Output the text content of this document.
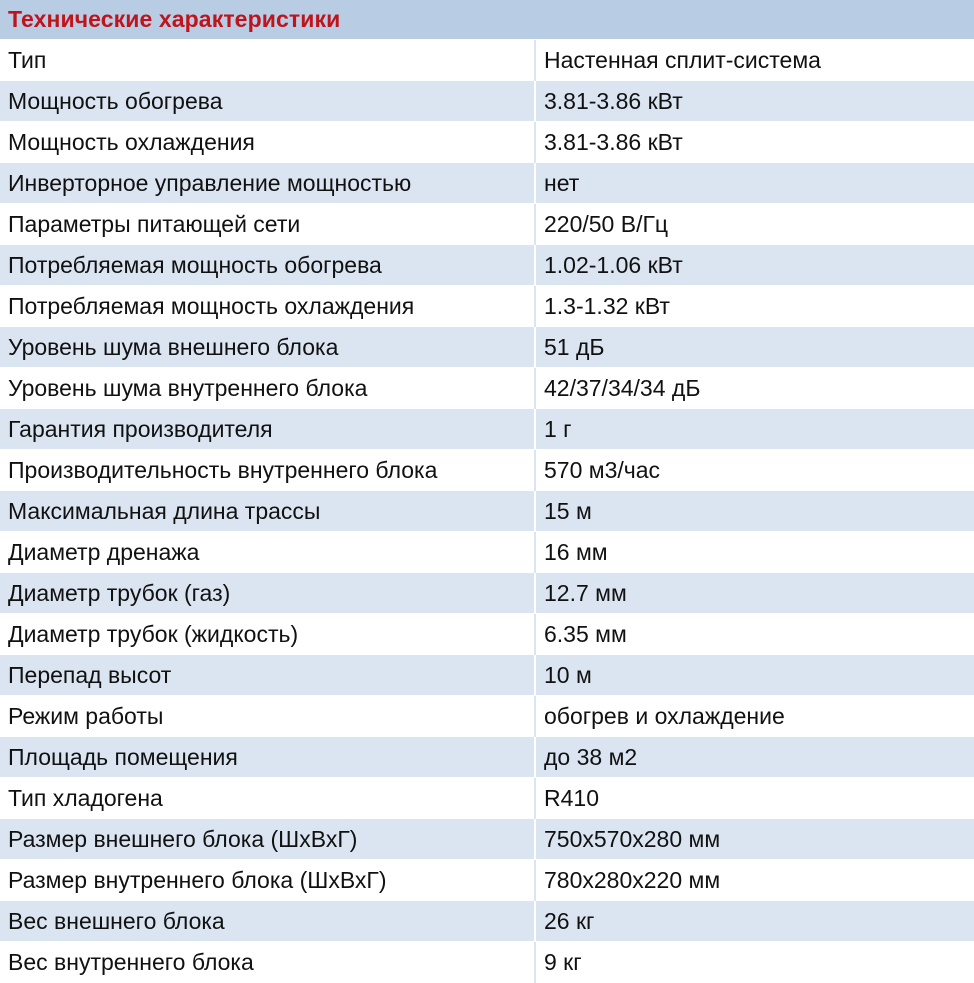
Технические характеристики
Тип	Настенная сплит-система
Мощность обогрева	3.81-3.86 кВт
Мощность охлаждения	3.81-3.86 кВт
Инверторное управление мощностью	нет
Параметры питающей сети	220/50 В/Гц
Потребляемая мощность обогрева	1.02-1.06 кВт
Потребляемая мощность охлаждения	1.3-1.32 кВт
Уровень шума внешнего блока	51 дБ
Уровень шума внутреннего блока	42/37/34/34 дБ
Гарантия производителя	1 г
Производительность внутреннего блока	570 м3/час
Максимальная длина трассы	15 м
Диаметр дренажа	16 мм
Диаметр трубок (газ)	12.7 мм
Диаметр трубок (жидкость)	6.35 мм
Перепад высот	10 м
Режим работы	обогрев и охлаждение
Площадь помещения	до 38 м2
Тип хладогена	R410
Размер внешнего блока (ШхВхГ)	750x570x280 мм
Размер внутреннего блока (ШхВхГ)	780x280x220 мм
Вес внешнего блока	26 кг
Вес внутреннего блока	9 кг
